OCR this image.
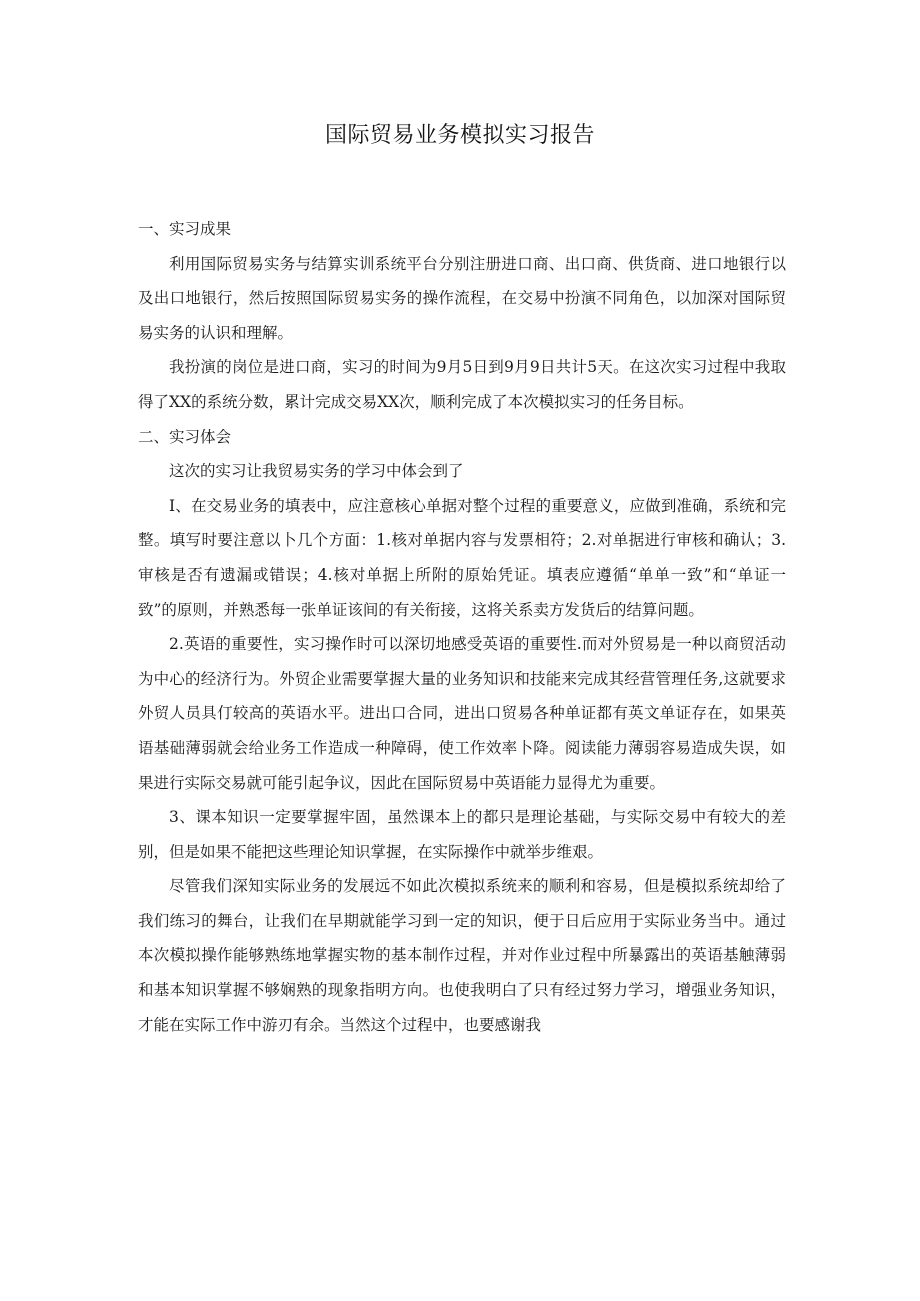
国际贸易业务模拟实习报告

一、实习成果

利用国际贸易实务与结算实训系统平台分别注册进口商、出口商、供货商、进口地银行以及出口地银行，然后按照国际贸易实务的操作流程，在交易中扮演不同角色，以加深对国际贸易实务的认识和理解。

我扮演的岗位是进口商，实习的时间为9月5日到9月9日共计5天。在这次实习过程中我取得了XX的系统分数，累计完成交易XX次，顺利完成了本次模拟实习的任务目标。

二、实习体会

这次的实习让我贸易实务的学习中体会到了

I、在交易业务的填表中，应注意核心单据对整个过程的重要意义，应做到准确，系统和完整。填写时要注意以卜几个方面：1.核对单据内容与发票相符；2.对单据进行审核和确认；3.审核是否有遗漏或错误；4.核对单据上所附的原始凭证。填表应遵循“单单一致”和“单证一致”的原则，并熟悉每一张单证该间的有关衔接，这将关系卖方发货后的结算问题。

2.英语的重要性，实习操作时可以深切地感受英语的重要性.而对外贸易是一种以商贸活动为中心的经济行为。外贸企业需要掌握大量的业务知识和技能来完成其经营管理任务,这就要求外贸人员具仃较高的英语水平。进出口合同，进出口贸易各种单证都有英文单证存在，如果英语基础薄弱就会给业务工作造成一种障碍，使工作效率卜降。阅读能力薄弱容易造成失误，如果进行实际交易就可能引起争议，因此在国际贸易中英语能力显得尤为重要。

3、课本知识一定要掌握牢固，虽然课本上的都只是理论基础，与实际交易中有较大的差别，但是如果不能把这些理论知识掌握，在实际操作中就举步维艰。

尽管我们深知实际业务的发展远不如此次模拟系统来的顺利和容易，但是模拟系统却给了我们练习的舞台，让我们在早期就能学习到一定的知识，便于日后应用于实际业务当中。通过本次模拟操作能够熟练地掌握实物的基本制作过程，并对作业过程中所暴露出的英语基触薄弱和基本知识掌握不够娴熟的现象指明方向。也使我明白了只有经过努力学习，增强业务知识，才能在实际工作中游刃有余。当然这个过程中，也要感谢我
